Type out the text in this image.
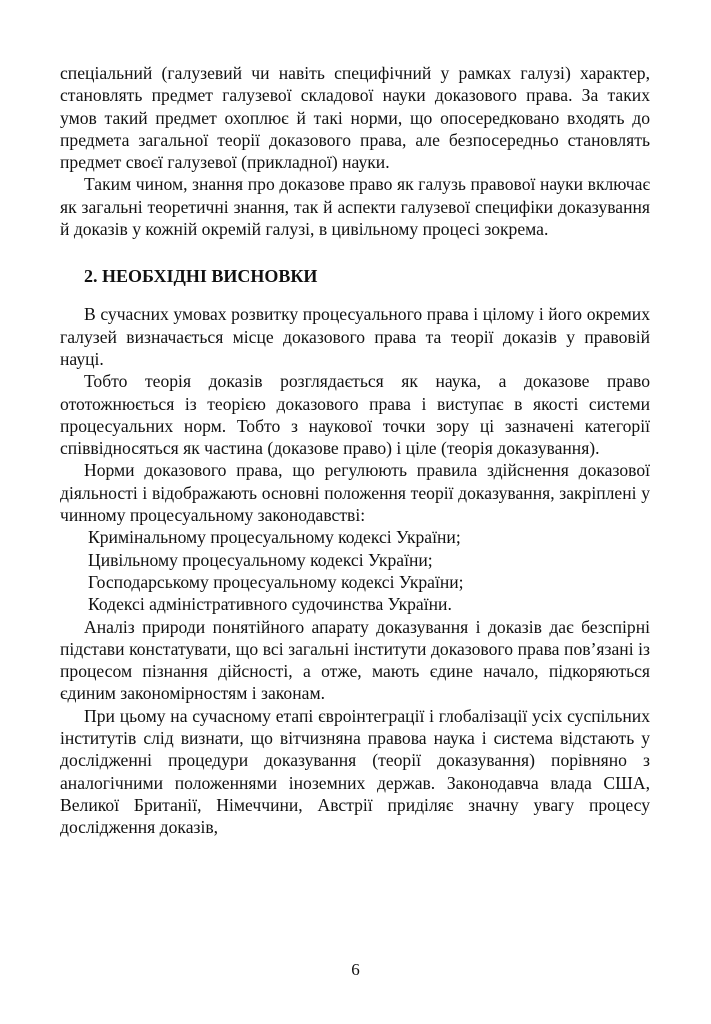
спеціальний (галузевий чи навіть специфічний у рамках галузі) характер, становлять предмет галузевої складової науки доказового права. За таких умов такий предмет охоплює й такі норми, що опосередковано входять до предмета загальної теорії доказового права, але безпосередньо становлять предмет своєї галузевої (прикладної) науки.

Таким чином, знання про доказове право як галузь правової науки включає як загальні теоретичні знання, так й аспекти галузевої специфіки доказування й доказів у кожній окремій галузі, в цивільному процесі зокрема.

2. НЕОБХІДНІ ВИСНОВКИ

В сучасних умовах розвитку процесуального права і цілому і його окремих галузей визначається місце доказового права та теорії доказів у правовій науці.

Тобто теорія доказів розглядається як наука, а доказове право ототожнюється із теорією доказового права і виступає в якості системи процесуальних норм. Тобто з наукової точки зору ці зазначені категорії співвідносяться як частина (доказове право) і ціле (теорія доказування).

Норми доказового права, що регулюють правила здійснення доказової діяльності і відображають основні положення теорії доказування, закріплені у чинному процесуальному законодавстві:

Кримінальному процесуальному кодексі України;
Цивільному процесуальному кодексі України;
Господарському процесуальному кодексі України;
Кодексі адміністративного судочинства України.

Аналіз природи понятійного апарату доказування і доказів дає безспірні підстави констатувати, що всі загальні інститути доказового права пов’язані із процесом пізнання дійсності, а отже, мають єдине начало, підкоряються єдиним закономірностям і законам.

При цьому на сучасному етапі євроінтеграції і глобалізації усіх суспільних інститутів слід визнати, що вітчизняна правова наука і система відстають у дослідженні процедури доказування (теорії доказування) порівняно з аналогічними положеннями іноземних держав. Законодавча влада США, Великої Британії, Німеччини, Австрії приділяє значну увагу процесу дослідження доказів,

6
